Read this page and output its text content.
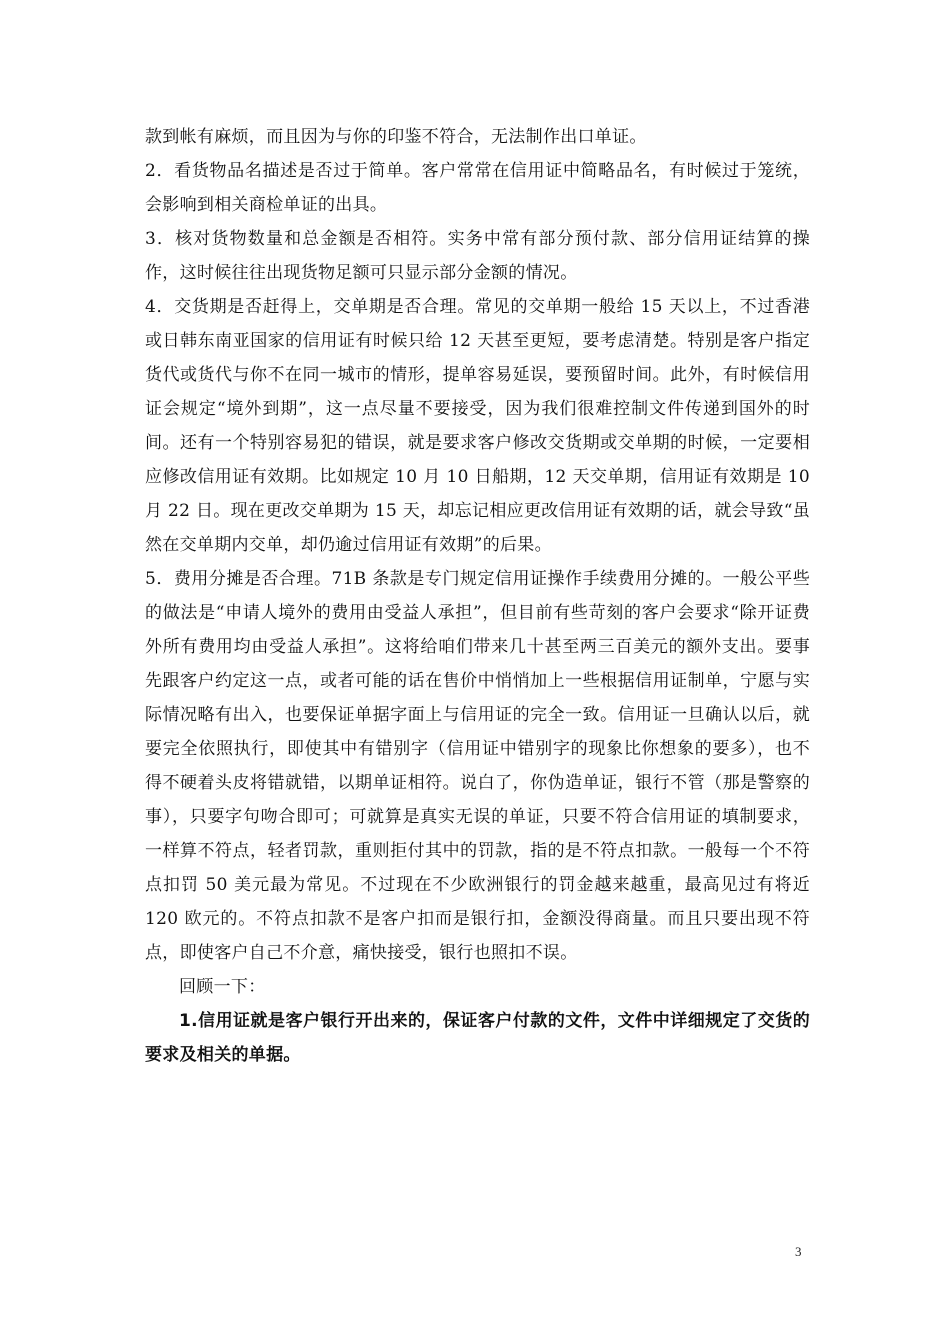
款到帐有麻烦，而且因为与你的印鉴不符合，无法制作出口单证。

2．看货物品名描述是否过于简单。客户常常在信用证中简略品名，有时候过于笼统，会影响到相关商检单证的出具。

3．核对货物数量和总金额是否相符。实务中常有部分预付款、部分信用证结算的操作，这时候往往出现货物足额可只显示部分金额的情况。

4．交货期是否赶得上，交单期是否合理。常见的交单期一般给 15 天以上，不过香港或日韩东南亚国家的信用证有时候只给 12 天甚至更短，要考虑清楚。特别是客户指定货代或货代与你不在同一城市的情形，提单容易延误，要预留时间。此外，有时候信用证会规定“境外到期”，这一点尽量不要接受，因为我们很难控制文件传递到国外的时间。还有一个特别容易犯的错误，就是要求客户修改交货期或交单期的时候，一定要相应修改信用证有效期。比如规定 10 月 10 日船期，12 天交单期，信用证有效期是 10 月 22 日。现在更改交单期为 15 天，却忘记相应更改信用证有效期的话，就会导致“虽然在交单期内交单，却仍逾过信用证有效期”的后果。

5．费用分摊是否合理。71B 条款是专门规定信用证操作手续费用分摊的。一般公平些的做法是“申请人境外的费用由受益人承担”，但目前有些苛刻的客户会要求“除开证费外所有费用均由受益人承担”。这将给咱们带来几十甚至两三百美元的额外支出。要事先跟客户约定这一点，或者可能的话在售价中悄悄加上一些根据信用证制单，宁愿与实际情况略有出入，也要保证单据字面上与信用证的完全一致。信用证一旦确认以后，就要完全依照执行，即使其中有错别字（信用证中错别字的现象比你想象的要多），也不得不硬着头皮将错就错，以期单证相符。说白了，你伪造单证，银行不管（那是警察的事），只要字句吻合即可；可就算是真实无误的单证，只要不符合信用证的填制要求，一样算不符点，轻者罚款，重则拒付其中的罚款，指的是不符点扣款。一般每一个不符点扣罚 50 美元最为常见。不过现在不少欧洲银行的罚金越来越重，最高见过有将近 120 欧元的。不符点扣款不是客户扣而是银行扣，金额没得商量。而且只要出现不符点，即使客户自己不介意，痛快接受，银行也照扣不误。

回顾一下：

1.信用证就是客户银行开出来的，保证客户付款的文件，文件中详细规定了交货的要求及相关的单据。

3
